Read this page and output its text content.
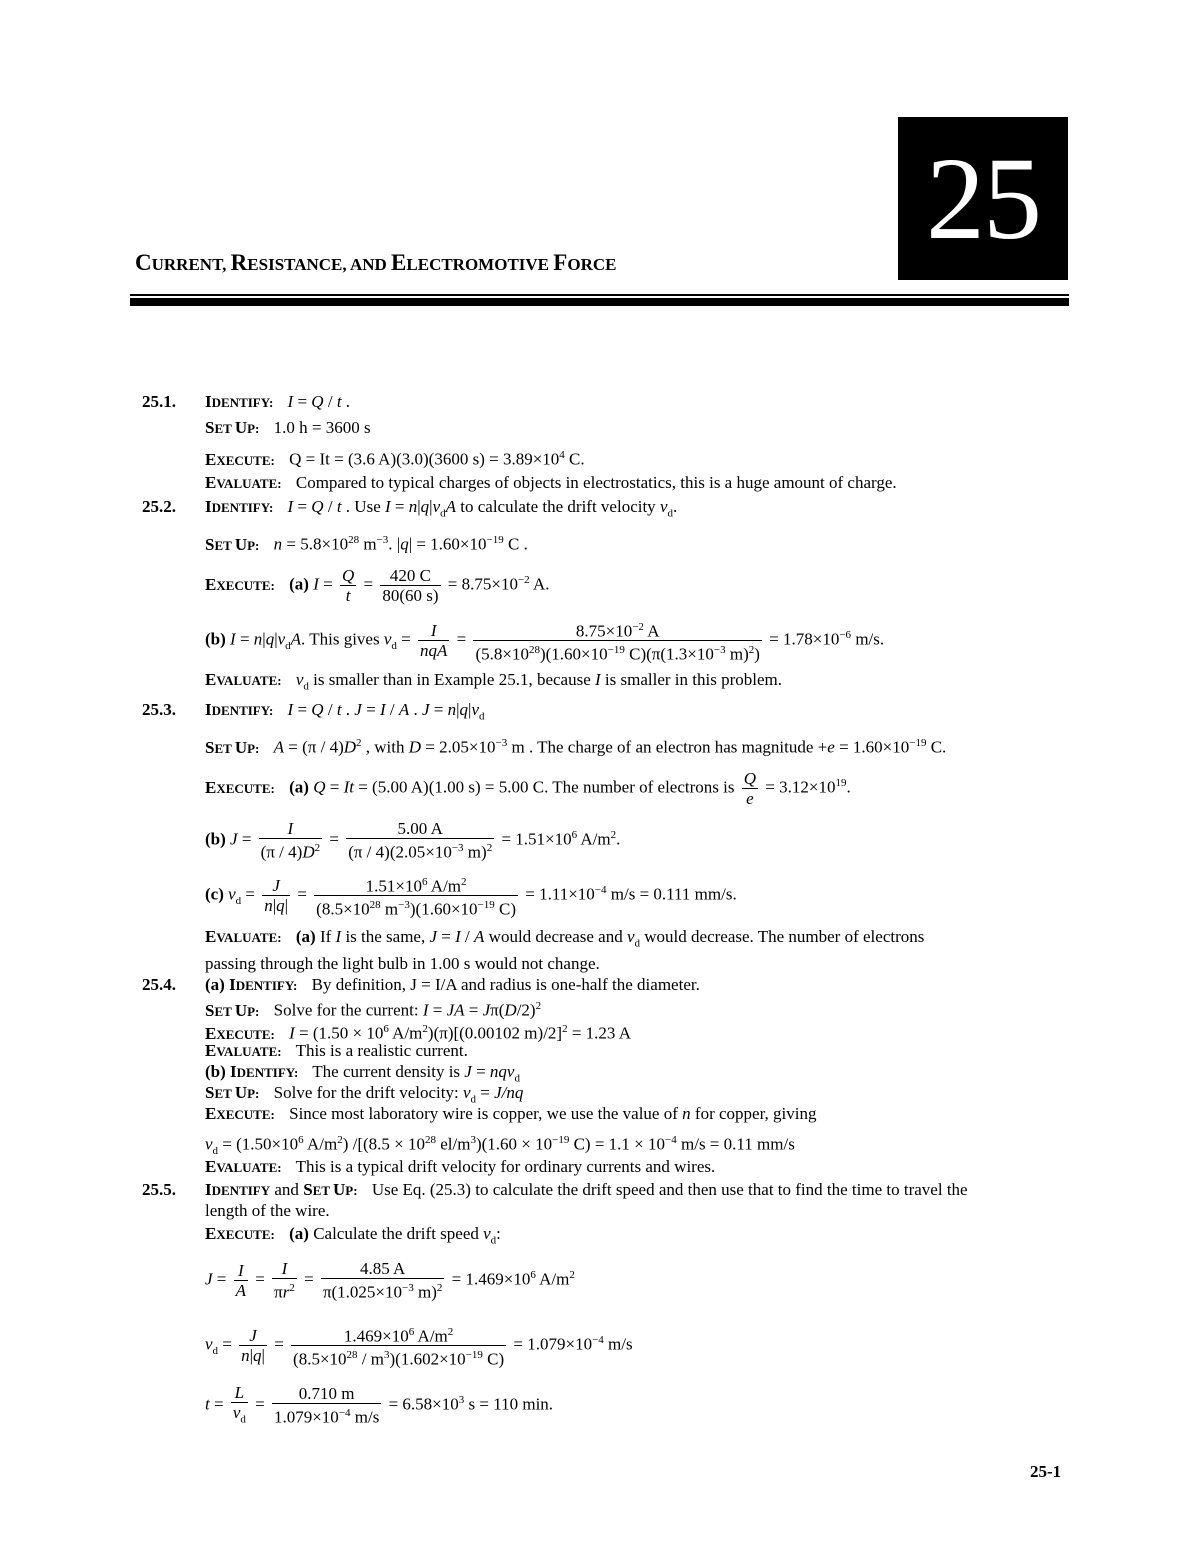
25
CURRENT, RESISTANCE, AND ELECTROMOTIVE FORCE
25.1. IDENTIFY: I = Q / t .
SET UP: 1.0 h = 3600 s
EXECUTE: Q = It = (3.6 A)(3.0)(3600 $s) = 3.89\times 10^4$ C.
EVALUATE: Compared to typical charges of objects in electrostatics, this is a huge amount of charge.
25.2. IDENTIFY: I = Q / t . Use $I = n|q|v_dA$ to calculate the drift velocity $v_d$.
SET UP: $n = 5.8\times 10^{28}$ $m^{-3}$. $|q| = 1.60\times 10^{-19}$ C .
EXECUTE: (a) $I = \frac{Q}{t} = \frac{420 C}{80(60 s)} = 8.75\times 10^{-2}$ A.
(b) $I = n|q|v_dA$. This gives $v_d = \frac{I}{\text{nqA}} = \frac{8.75\times 10^{-2} A}{(5.8\times 10^{28})(1.60\times 10^{-19} C)(\pi(1.3\times 10^{-3} m)^2)} = 1.78\times 10^{-6}$ m/s.
EVALUATE: $v_d$ is smaller than in Example 25.1, because I is smaller in this problem.
25.3. IDENTIFY: I = Q / t . J = I / A . $J = n|q|v_d$
SET UP: $A = (\pi / 4)D^2$ , with $D = 2.05\times 10^{-3}$ m . The charge of an electron has magnitude $+e = 1.60\times 10^{-19}$ C.
EXECUTE: (a) Q = It = (5.00 A)(1.00 s) = 5.00 C. The number of electrons is $\frac{Q}{e} = 3.12\times 10^{19}$.
(b) $J = \frac{I}{(\pi / 4)D^2} = \frac{5.00 A}{(\pi / 4)(2.05\times 10^{-3} m)^2} = 1.51\times 10^6$ $A/m^2$.
(c) $v_d = \frac{J}{n|q|} = \frac{1.51\times 10^6 A/m^2}{(8.5\times 10^{28} m^{-3})(1.60\times 10^{-19} C)} = 1.11\times 10^{-4}$ m/s = 0.111 mm/s.
EVALUATE: (a) If I is the same, J = I / A would decrease and $v_d$ would decrease. The number of electrons
passing through the light bulb in 1.00 s would not change.
25.4. (a) IDENTIFY: By definition, J = I/A and radius is one-half the diameter.
SET UP: Solve for the current: I = JA = $J\pi(D/2)^2$
EXECUTE: $I = (1.50 \times 10^6$ $A/m^2)(\pi)[(0.00102$ m)/2]$^2$ = 1.23 A
EVALUATE: This is a realistic current.
(b) IDENTIFY: The current density is J = nqv$_d$
SET UP: Solve for the drift velocity: $v_d = J/nq$
EXECUTE: Since most laboratory wire is copper, we use the value of n for copper, giving
$v_d = (1.50\times 10^6$ $A/m^2$) $/[(8.5 \times 10^{28}$ $el/m^3)(1.60 \times 10^{-19}$ $C) = 1.1 \times 10^{-4}$ m/s = 0.11 mm/s
EVALUATE: This is a typical drift velocity for ordinary currents and wires.
25.5. IDENTIFY and SET UP: Use Eq. (25.3) to calculate the drift speed and then use that to find the time to travel the
length of the wire.
EXECUTE: (a) Calculate the drift speed $v_d$:
$J = \frac{I}{A} = \frac{I}{\pi r^2} = \frac{4.85 A}{\pi(1.025\times 10^{-3} m)^2} = 1.469\times 10^6$ $A/m^2$
$v_d = \frac{J}{n|q|} = \frac{1.469\times 10^6 A/m^2}{(8.5\times 10^{28} / m^3)(1.602\times 10^{-19} C)} = 1.079\times 10^{-4}$ m/s
$t = \frac{L}{v_d} = \frac{0.710 m}{1.079\times 10^{-4} m/s} = 6.58\times 10^3$ s = 110 min.
25-1
